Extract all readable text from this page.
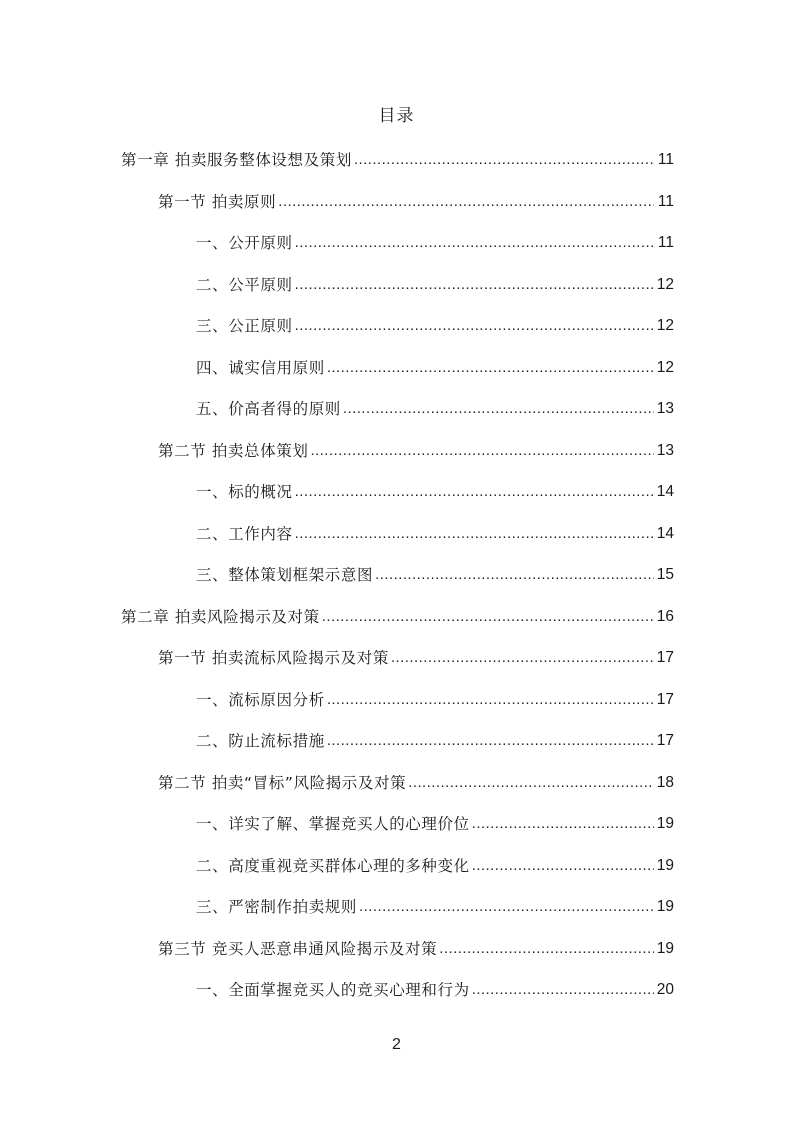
目录
第一章 拍卖服务整体设想及策划 .....	11
第一节 拍卖原则 .....	11
一、公开原则 .....	11
二、公平原则 .....	12
三、公正原则 .....	12
四、诚实信用原则 .....	12
五、价高者得的原则 .....	13
第二节 拍卖总体策划 .....	13
一、标的概况 .....	14
二、工作内容 .....	14
三、整体策划框架示意图 .....	15
第二章 拍卖风险揭示及对策 .....	16
第一节 拍卖流标风险揭示及对策 .....	17
一、流标原因分析 .....	17
二、防止流标措施 .....	17
第二节 拍卖“冒标”风险揭示及对策 .....	18
一、详实了解、掌握竞买人的心理价位 .....	19
二、高度重视竞买群体心理的多种变化 .....	19
三、严密制作拍卖规则 .....	19
第三节 竞买人恶意串通风险揭示及对策 .....	19
一、全面掌握竞买人的竞买心理和行为 .....	20
2
